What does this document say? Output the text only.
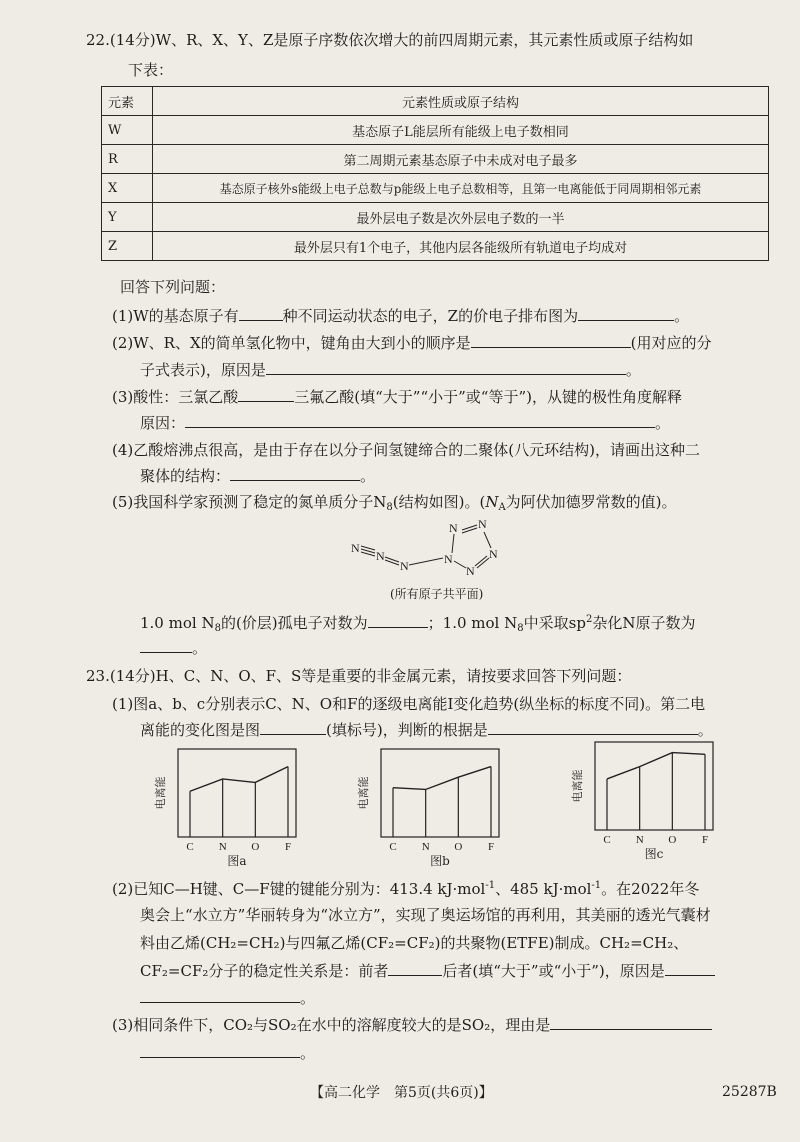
22.(14分)W、R、X、Y、Z是原子序数依次增大的前四周期元素，其元素性质或原子结构如
下表：
元素	元素性质或原子结构
W	基态原子L能层所有能级上电子数相同
R	第二周期元素基态原子中未成对电子最多
X	基态原子核外s能级上电子总数与p能级上电子总数相等，且第一电离能低于同周期相邻元素
Y	最外层电子数是次外层电子数的一半
Z	最外层只有1个电子，其他内层各能级所有轨道电子均成对
回答下列问题：
(1)W的基态原子有	种不同运动状态的电子，Z的价电子排布图为	。
(2)W、R、X的简单氢化物中，键角由大到小的顺序是	(用对应的分
子式表示)，原因是	。
(3)酸性：三氯乙酸	三氟乙酸(填“大于”“小于”或“等于”)，从键的极性角度解释
原因：	。
(4)乙酸熔沸点很高，是由于存在以分子间氢键缔合的二聚体(八元环结构)，请画出这种二
聚体的结构：	。
(5)我国科学家预测了稳定的氮单质分子$N_8$(结构如图)。($N_A$为阿伏加德罗常数的值)。
N
N
N	N
N N
N
N
(所有原子共平面)
1.0 mol $N_8$的(价层)孤电子对数为	；1.0 mol $N_8$中采取$sp^2$杂化N原子数为
。
23.(14分)H、C、N、O、F、S等是重要的非金属元素，请按要求回答下列问题：
(1)图a、b、c分别表示C、N、O和F的逐级电离能I变化趋势(纵坐标的标度不同)。第二电
离能的变化图是图	(填标号)，判断的根据是	。
电离能
C N O F
图a
电离能
C N O F
图b
电离能
C N O F
图c
(2)已知C—H键、C—F键的键能分别为：413.4 kJ·mol$^{-1}$、485 kJ·mol$^{-1}$。在2022年冬
奥会上“水立方”华丽转身为“冰立方”，实现了奥运场馆的再利用，其美丽的透光气囊材
料由乙烯(CH₂=CH₂)与四氟乙烯(CF₂=CF₂)的共聚物(ETFE)制成。CH₂=CH₂、
CF₂=CF₂分子的稳定性关系是：前者	后者(填“大于”或“小于”)，原因是
。
(3)相同条件下，CO₂与SO₂在水中的溶解度较大的是SO₂，理由是
。
【高二化学　第5页(共6页)】	25287B
